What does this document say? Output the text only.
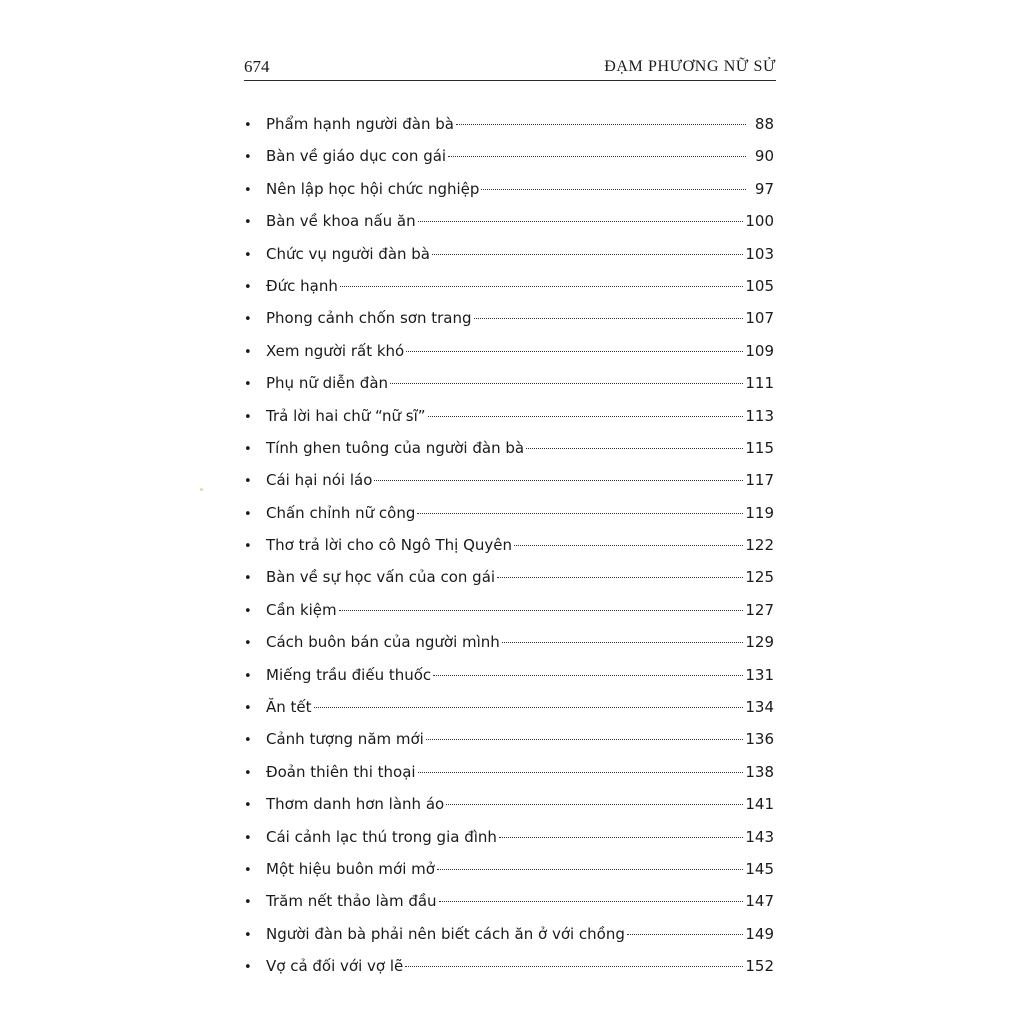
674	ĐẠM PHƯƠNG NỮ SỬ
• Phẩm hạnh người đàn bà	88
• Bàn về giáo dục con gái	90
• Nên lập học hội chức nghiệp	97
• Bàn về khoa nấu ăn	100
• Chức vụ người đàn bà	103
• Đức hạnh	105
• Phong cảnh chốn sơn trang	107
• Xem người rất khó	109
• Phụ nữ diễn đàn	111
• Trả lời hai chữ “nữ sĩ”	113
• Tính ghen tuông của người đàn bà	115
• Cái hại nói láo	117
• Chấn chỉnh nữ công	119
• Thơ trả lời cho cô Ngô Thị Quyên	122
• Bàn về sự học vấn của con gái	125
• Cần kiệm	127
• Cách buôn bán của người mình	129
• Miếng trầu điếu thuốc	131
• Ăn tết	134
• Cảnh tượng năm mới	136
• Đoản thiên thi thoại	138
• Thơm danh hơn lành áo	141
• Cái cảnh lạc thú trong gia đình	143
• Một hiệu buôn mới mở	145
• Trăm nết thảo làm đầu	147
• Người đàn bà phải nên biết cách ăn ở với chồng	149
• Vợ cả đối với vợ lẽ	152
